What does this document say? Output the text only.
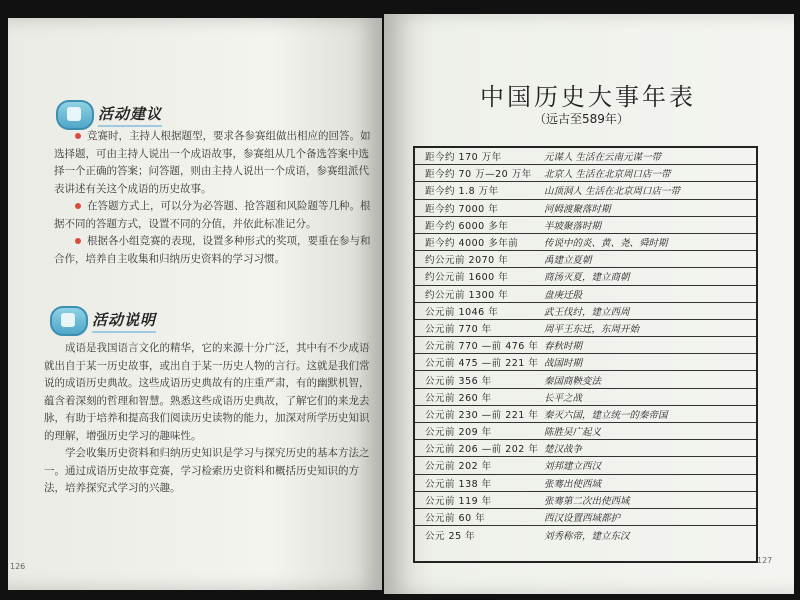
活动建议

竞赛时，主持人根据题型，要求各参赛组做出相应的回答。如选择题，可由主持人说出一个成语故事，参赛组从几个备选答案中选择一个正确的答案；问答题，则由主持人说出一个成语，参赛组派代表讲述有关这个成语的历史故事。

在答题方式上，可以分为必答题、抢答题和风险题等几种。根据不同的答题方式，设置不同的分值，并依此标准记分。

根据各小组竞赛的表现，设置多种形式的奖项，要重在参与和合作，培养自主收集和归纳历史资料的学习习惯。

活动说明

成语是我国语言文化的精华，它的来源十分广泛，其中有不少成语就出自于某一历史故事，或出自于某一历史人物的言行。这就是我们常说的成语历史典故。这些成语历史典故有的庄重严肃，有的幽默机智，蕴含着深刻的哲理和智慧。熟悉这些成语历史典故，了解它们的来龙去脉，有助于培养和提高我们阅读历史读物的能力，加深对所学历史知识的理解，增强历史学习的趣味性。

学会收集历史资料和归纳历史知识是学习与探究历史的基本方法之一。通过成语历史故事竞赛，学习检索历史资料和概括历史知识的方法，培养探究式学习的兴趣。

126
中国历史大事年表
（远古至589年）
距今约 170 万年	元谋人 生活在云南元谋一带
距今约 70 万—20 万年	北京人 生活在北京周口店一带
距今约 1.8 万年	山顶洞人 生活在北京周口店一带
距今约 7000 年	河姆渡聚落时期
距今约 6000 多年	半坡聚落时期
距今约 4000 多年前	传说中的炎、黄、尧、舜时期
约公元前 2070 年	禹建立夏朝
约公元前 1600 年	商汤灭夏，建立商朝
约公元前 1300 年	盘庚迁殷
公元前 1046 年	武王伐纣，建立西周
公元前 770 年	周平王东迁，东周开始
公元前 770 —前 476 年 春秋时期
公元前 475 —前 221 年 战国时期
公元前 356 年	秦国商鞅变法
公元前 260 年	长平之战
公元前 230 —前 221 年 秦灭六国，建立统一的秦帝国
公元前 209 年	陈胜吴广起义
公元前 206 —前 202 年 楚汉战争
公元前 202 年	刘邦建立西汉
公元前 138 年	张骞出使西域
公元前 119 年	张骞第二次出使西域
公元前 60 年	西汉设置西域都护
公元 25 年	刘秀称帝，建立东汉
127
